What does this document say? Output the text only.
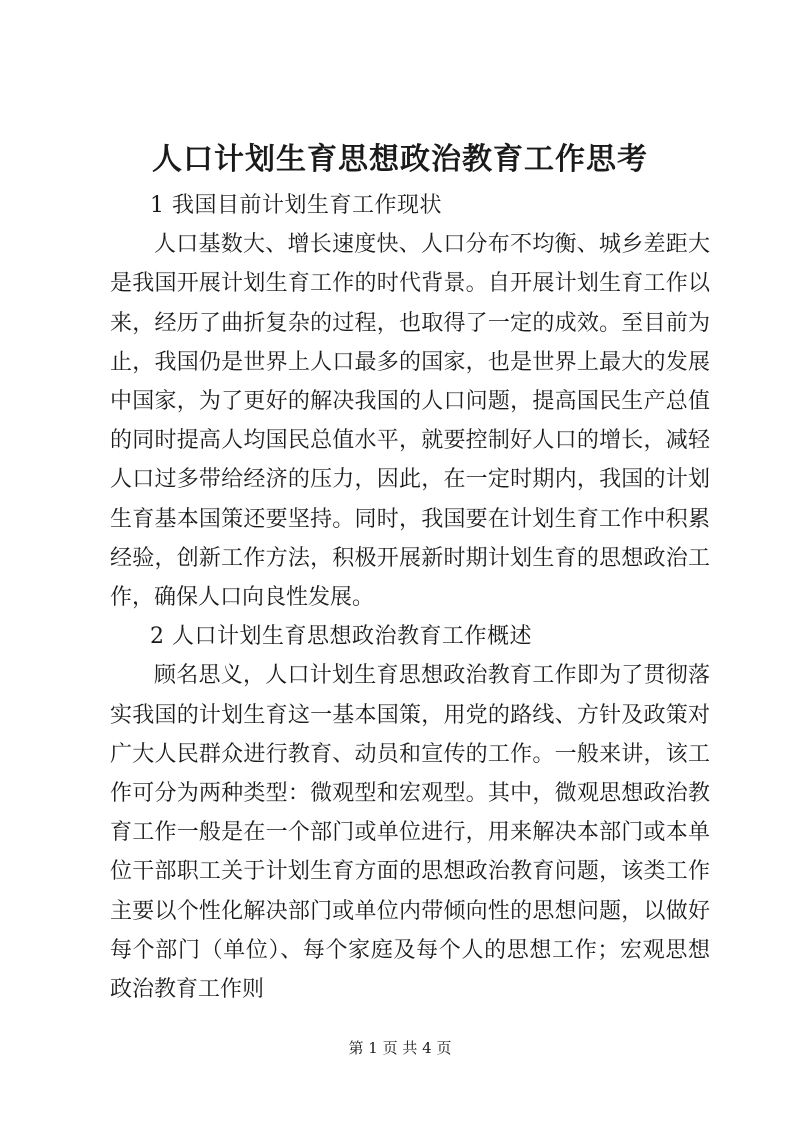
人口计划生育思想政治教育工作思考

1 我国目前计划生育工作现状

人口基数大、增长速度快、人口分布不均衡、城乡差距大是我国开展计划生育工作的时代背景。自开展计划生育工作以来，经历了曲折复杂的过程，也取得了一定的成效。至目前为止，我国仍是世界上人口最多的国家，也是世界上最大的发展中国家，为了更好的解决我国的人口问题，提高国民生产总值的同时提高人均国民总值水平，就要控制好人口的增长，减轻人口过多带给经济的压力，因此，在一定时期内，我国的计划生育基本国策还要坚持。同时，我国要在计划生育工作中积累经验，创新工作方法，积极开展新时期计划生育的思想政治工作，确保人口向良性发展。

2 人口计划生育思想政治教育工作概述

顾名思义，人口计划生育思想政治教育工作即为了贯彻落实我国的计划生育这一基本国策，用党的路线、方针及政策对广大人民群众进行教育、动员和宣传的工作。一般来讲，该工作可分为两种类型：微观型和宏观型。其中，微观思想政治教育工作一般是在一个部门或单位进行，用来解决本部门或本单位干部职工关于计划生育方面的思想政治教育问题，该类工作主要以个性化解决部门或单位内带倾向性的思想问题，以做好每个部门（单位）、每个家庭及每个人的思想工作；宏观思想政治教育工作则

第 1 页 共 4 页
